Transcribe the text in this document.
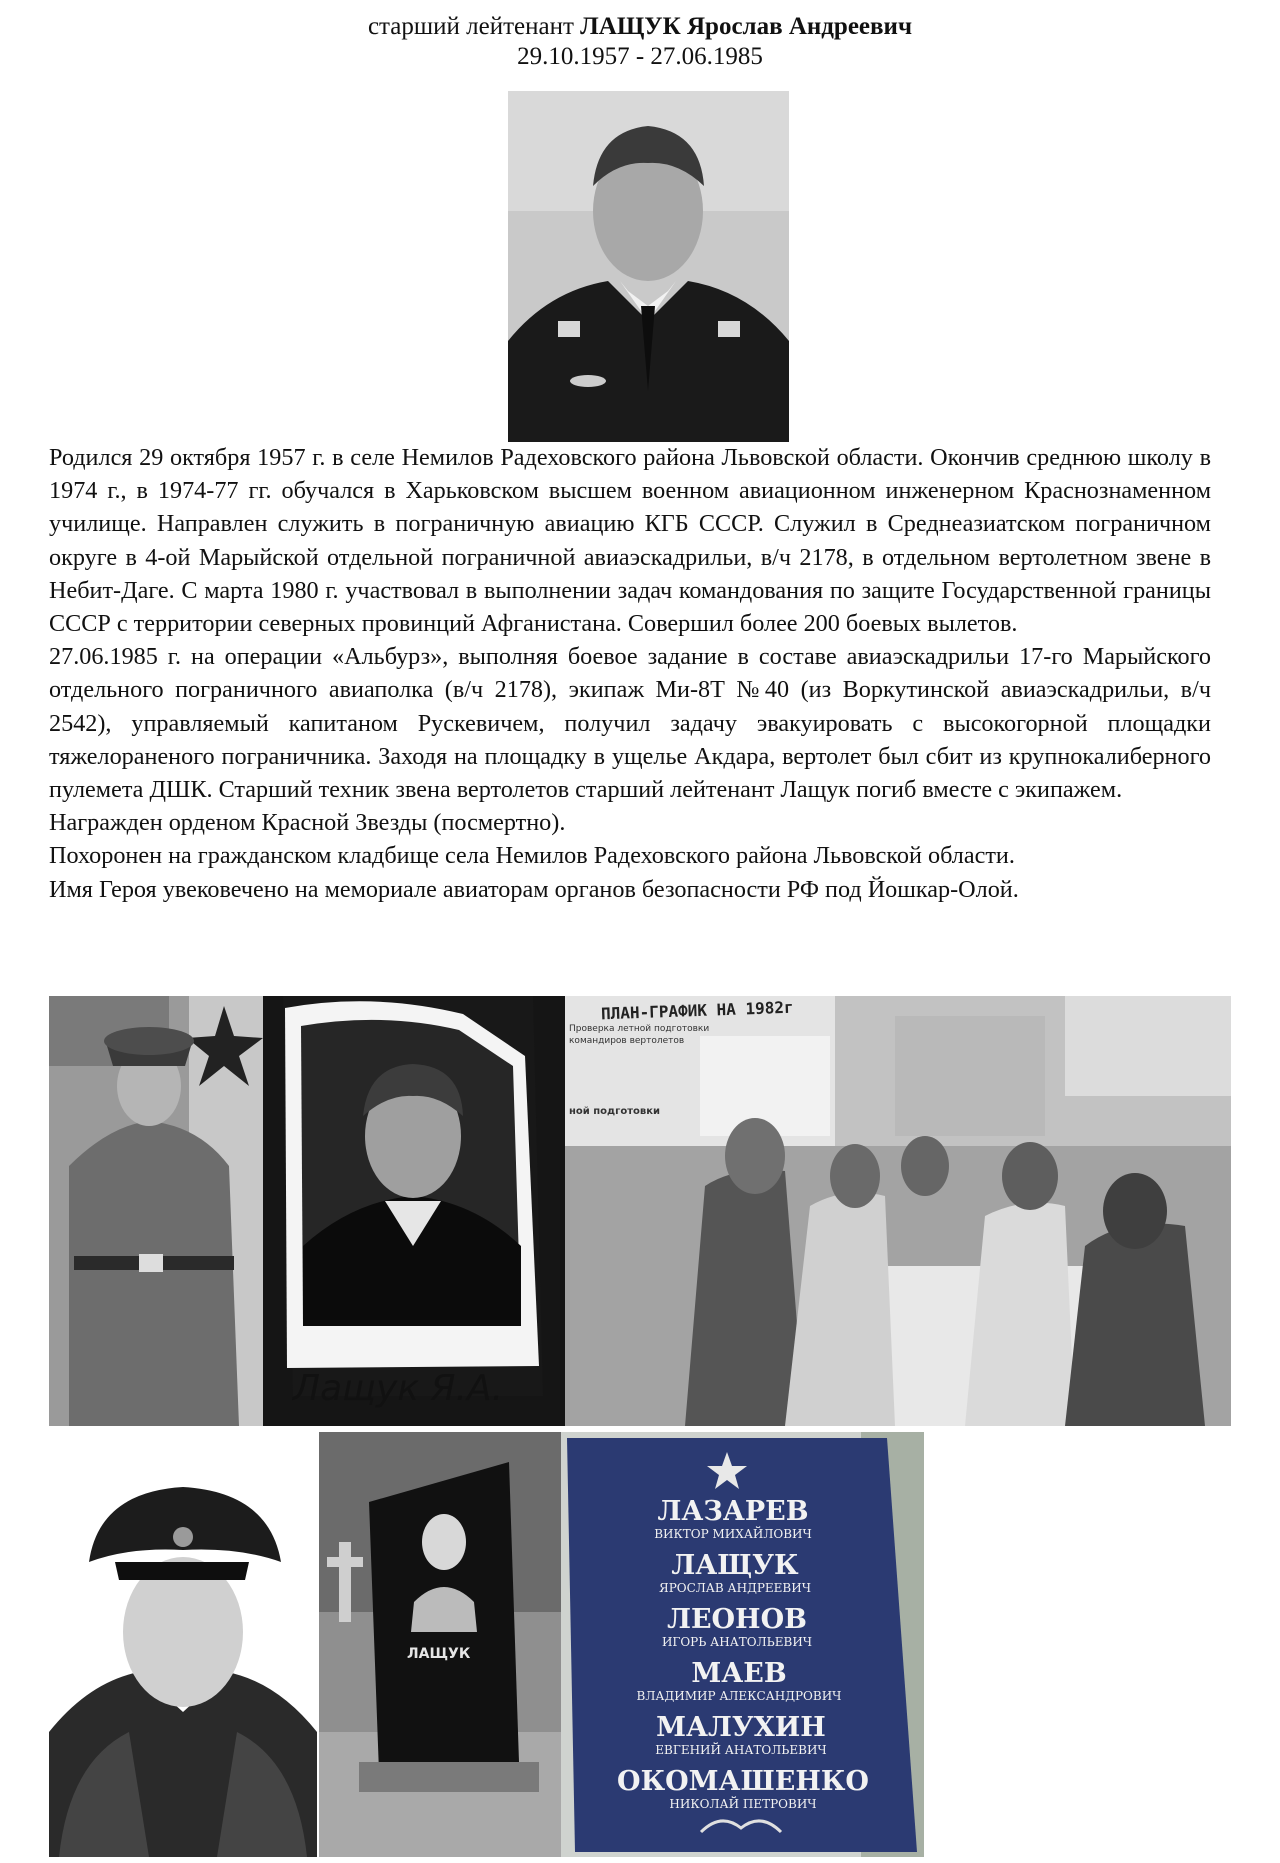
старший лейтенант ЛАЩУК Ярослав Андреевич
29.10.1957 - 27.06.1985

Родился 29 октября 1957 г. в селе Немилов Радеховского района Львовской области. Окончив среднюю школу в 1974 г., в 1974-77 гг. обучался в Харьковском высшем военном авиационном инженерном Краснознаменном училище. Направлен служить в пограничную авиацию КГБ СССР. Служил в Среднеазиатском пограничном округе в 4-ой Марыйской отдельной пограничной авиаэскадрильи, в/ч 2178, в отдельном вертолетном звене в Небит-Даге. С марта 1980 г. участвовал в выполнении задач командования по защите Государственной границы СССР с территории северных провинций Афганистана. Совершил более 200 боевых вылетов.

27.06.1985 г. на операции «Альбурз», выполняя боевое задание в составе авиаэскадрильи 17-го Марыйского отдельного пограничного авиаполка (в/ч 2178), экипаж Ми-8Т №40 (из Воркутинской авиаэскадрильи, в/ч 2542), управляемый капитаном Рускевичем, получил задачу эвакуировать с высокогорной площадки тяжелораненого пограничника. Заходя на площадку в ущелье Акдара, вертолет был сбит из крупнокалиберного пулемета ДШК. Старший техник звена вертолетов старший лейтенант Лащук погиб вместе с экипажем.

Награжден орденом Красной Звезды (посмертно).

Похоронен на гражданском кладбище села Немилов Радеховского района Львовской области.

Имя Героя увековечено на мемориале авиаторам органов безопасности РФ под Йошкар-Олой.

Лащук Я.А.
ПЛАН-ГРАФИК НА 1982г
Проверка летной подготовки
командиров вертолетов
ной подготовки
ЛАЩУК
ЛАЗАРЕВ
ВИКТОР МИХАЙЛОВИЧ
ЛАЩУК
ЯРОСЛАВ АНДРЕЕВИЧ
ЛЕОНОВ
ИГОРЬ АНАТОЛЬЕВИЧ
МАЕВ
ВЛАДИМИР АЛЕКСАНДРОВИЧ
МАЛУХИН
ЕВГЕНИЙ АНАТОЛЬЕВИЧ
ОКОМАШЕНКО
НИКОЛАЙ ПЕТРОВИЧ
